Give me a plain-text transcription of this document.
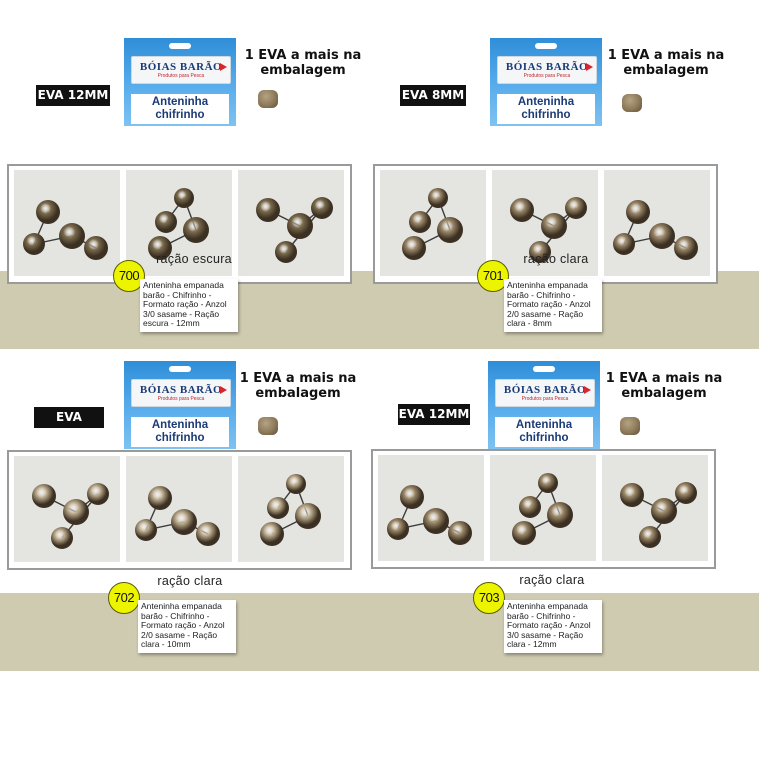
BÓIAS BARÃO
Produtos para Pesca
Anteninha chifrinho
EVA 12MM
1 EVA a mais na embalagem
ração escura
700
Anteninha empanada barão - Chifrinho - Formato ração - Anzol 3/0 sasame - Ração escura - 12mm
BÓIAS BARÃO
Produtos para Pesca
Anteninha chifrinho
EVA 8MM
1 EVA a mais na embalagem
ração clara
701
Anteninha empanada barão - Chifrinho - Formato ração - Anzol 2/0 sasame - Ração clara - 8mm
BÓIAS BARÃO
Produtos para Pesca
Anteninha chifrinho
EVA 10MM
1 EVA a mais na embalagem
ração clara
702
Anteninha empanada barão - Chifrinho - Formato ração - Anzol 2/0 sasame - Ração clara - 10mm
BÓIAS BARÃO
Produtos para Pesca
Anteninha chifrinho
EVA 12MM
1 EVA a mais na embalagem
ração clara
703
Anteninha empanada barão - Chifrinho - Formato ração - Anzol 3/0 sasame - Ração clara - 12mm
